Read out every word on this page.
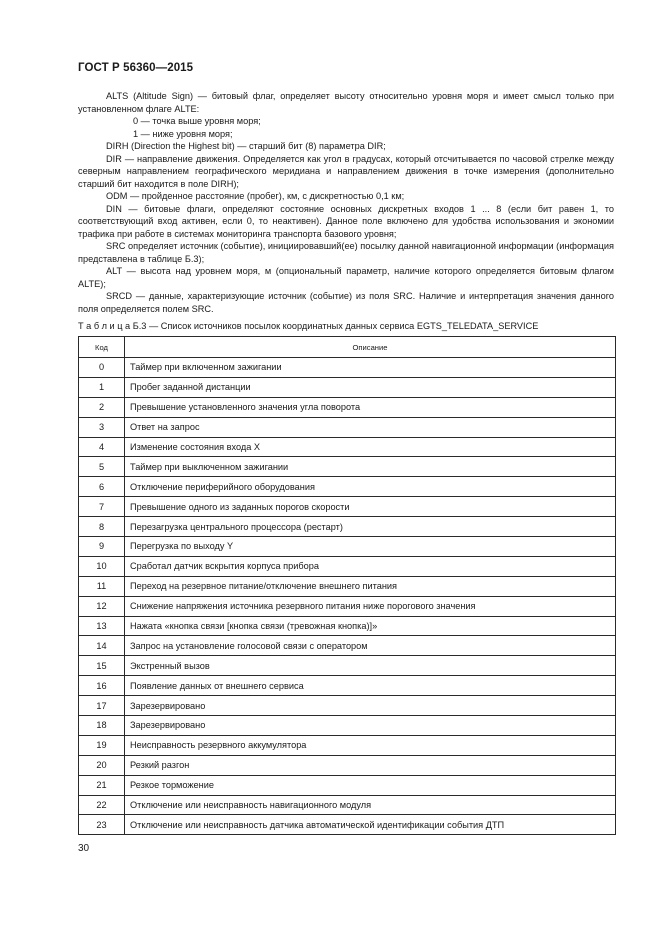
ГОСТ Р 56360—2015

ALTS (Altitude Sign) — битовый флаг, определяет высоту относительно уровня моря и имеет смысл только при установленном флаге ALTE:

0 — точка выше уровня моря;

1 — ниже уровня моря;

DIRH (Direction the Highest bit) — старший бит (8) параметра DIR;

DIR — направление движения. Определяется как угол в градусах, который отсчитывается по часовой стрелке между северным направлением географического меридиана и направлением движения в точке измерения (дополнительно старший бит находится в поле DIRH);

ODM — пройденное расстояние (пробег), км, с дискретностью 0,1 км;

DIN — битовые флаги, определяют состояние основных дискретных входов 1 ... 8 (если бит равен 1, то соответствующий вход активен, если 0, то неактивен). Данное поле включено для удобства использования и экономии трафика при работе в системах мониторинга транспорта базового уровня;

SRC определяет источник (событие), инициировавший(ее) посылку данной навигационной информации (информация представлена в таблице Б.3);

ALT — высота над уровнем моря, м (опциональный параметр, наличие которого определяется битовым флагом ALTE);

SRCD — данные, характеризующие источник (событие) из поля SRC. Наличие и интерпретация значения данного поля определяется полем SRC.

Т а б л и ц а Б.3 — Список источников посылок координатных данных сервиса EGTS_TELEDATA_SERVICE
Код	Описание
0	Таймер при включенном зажигании
1	Пробег заданной дистанции
2	Превышение установленного значения угла поворота
3	Ответ на запрос
4	Изменение состояния входа X
5	Таймер при выключенном зажигании
6	Отключение периферийного оборудования
7	Превышение одного из заданных порогов скорости
8	Перезагрузка центрального процессора (рестарт)
9	Перегрузка по выходу Y
10	Сработал датчик вскрытия корпуса прибора
11	Переход на резервное питание/отключение внешнего питания
12	Снижение напряжения источника резервного питания ниже порогового значения
13	Нажата «кнопка связи [кнопка связи (тревожная кнопка)]»
14	Запрос на установление голосовой связи с оператором
15	Экстренный вызов
16	Появление данных от внешнего сервиса
17	Зарезервировано
18	Зарезервировано
19	Неисправность резервного аккумулятора
20	Резкий разгон
21	Резкое торможение
22	Отключение или неисправность навигационного модуля
23	Отключение или неисправность датчика автоматической идентификации события ДТП
30
